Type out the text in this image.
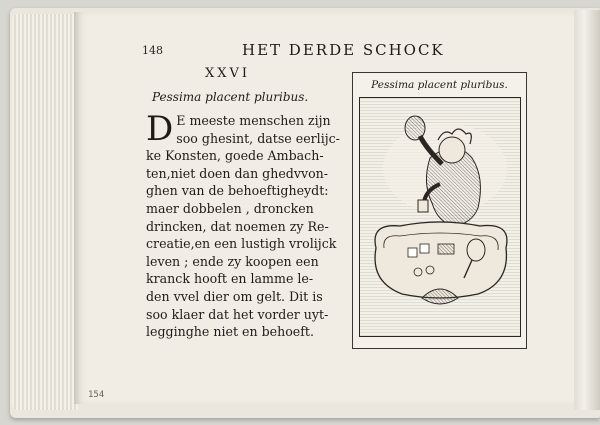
148	HET DERDE SCHOCK
XXVI
Pessima placent pluribus.
D E meeste menschen zijn
soo ghesint, datse eerlijc-
ke Konsten, goede Ambach-
ten,niet doen dan ghedvvon-
ghen van de behoeftigheydt:
maer dobbelen , droncken
drincken, dat noemen zy Re-
creatie,en een lustigh vrolijck
leven ; ende zy koopen een
kranck hooft en lamme le-
den vvel dier om gelt. Dit is
soo klaer dat het vorder uyt-
legginghe niet en behoeft.
Pessima placent pluribus.
154
